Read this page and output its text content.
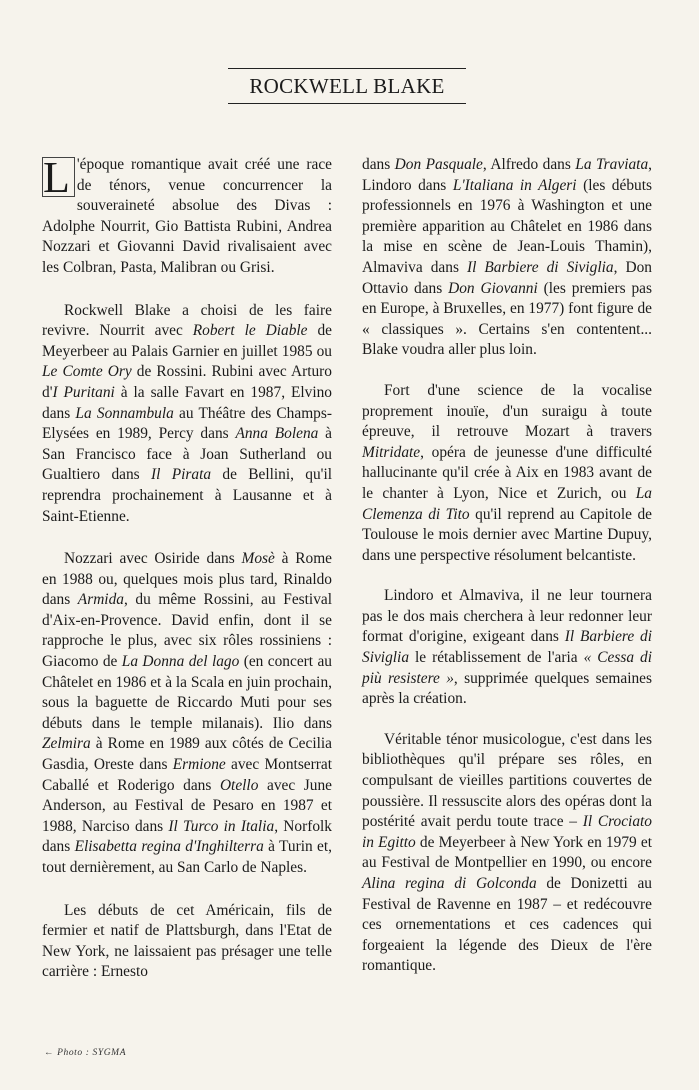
ROCKWELL BLAKE

L 'époque romantique avait créé une race de ténors, venue concurrencer la souveraineté absolue des Divas : Adolphe Nourrit, Gio Battista Rubini, Andrea Nozzari et Giovanni David rivalisaient avec les Colbran, Pasta, Malibran ou Grisi.

Rockwell Blake a choisi de les faire revivre. Nourrit avec Robert le Diable de Meyerbeer au Palais Garnier en juillet 1985 ou Le Comte Ory de Rossini. Rubini avec Arturo d'I Puritani à la salle Favart en 1987, Elvino dans La Sonnambula au Théâtre des Champs-Elysées en 1989, Percy dans Anna Bolena à San Francisco face à Joan Sutherland ou Gualtiero dans Il Pirata de Bellini, qu'il reprendra prochainement à Lausanne et à Saint-Etienne.

Nozzari avec Osiride dans Mosè à Rome en 1988 ou, quelques mois plus tard, Rinaldo dans Armida, du même Rossini, au Festival d'Aix-en-Provence. David enfin, dont il se rapproche le plus, avec six rôles rossiniens : Giacomo de La Donna del lago (en concert au Châtelet en 1986 et à la Scala en juin prochain, sous la baguette de Riccardo Muti pour ses débuts dans le temple milanais). Ilio dans Zelmira à Rome en 1989 aux côtés de Cecilia Gasdia, Oreste dans Ermione avec Montserrat Caballé et Roderigo dans Otello avec June Anderson, au Festival de Pesaro en 1987 et 1988, Narciso dans Il Turco in Italia, Norfolk dans Elisabetta regina d'Inghilterra à Turin et, tout dernièrement, au San Carlo de Naples.

Les débuts de cet Américain, fils de fermier et natif de Plattsburgh, dans l'Etat de New York, ne laissaient pas présager une telle carrière : Ernesto

dans Don Pasquale, Alfredo dans La Traviata, Lindoro dans L'Italiana in Algeri (les débuts professionnels en 1976 à Washington et une première apparition au Châtelet en 1986 dans la mise en scène de Jean-Louis Thamin), Almaviva dans Il Barbiere di Siviglia, Don Ottavio dans Don Giovanni (les premiers pas en Europe, à Bruxelles, en 1977) font figure de « classiques ». Certains s'en contentent... Blake voudra aller plus loin.

Fort d'une science de la vocalise proprement inouïe, d'un suraigu à toute épreuve, il retrouve Mozart à travers Mitridate, opéra de jeunesse d'une difficulté hallucinante qu'il crée à Aix en 1983 avant de le chanter à Lyon, Nice et Zurich, ou La Clemenza di Tito qu'il reprend au Capitole de Toulouse le mois dernier avec Martine Dupuy, dans une perspective résolument belcantiste.

Lindoro et Almaviva, il ne leur tournera pas le dos mais cherchera à leur redonner leur format d'origine, exigeant dans Il Barbiere di Siviglia le rétablissement de l'aria « Cessa di più resistere », supprimée quelques semaines après la création.

Véritable ténor musicologue, c'est dans les bibliothèques qu'il prépare ses rôles, en compulsant de vieilles partitions couvertes de poussière. Il ressuscite alors des opéras dont la postérité avait perdu toute trace – Il Crociato in Egitto de Meyerbeer à New York en 1979 et au Festival de Montpellier en 1990, ou encore Alina regina di Golconda de Donizetti au Festival de Ravenne en 1987 – et redécouvre ces ornementations et ces cadences qui forgeaient la légende des Dieux de l'ère romantique.

← Photo : SYGMA
